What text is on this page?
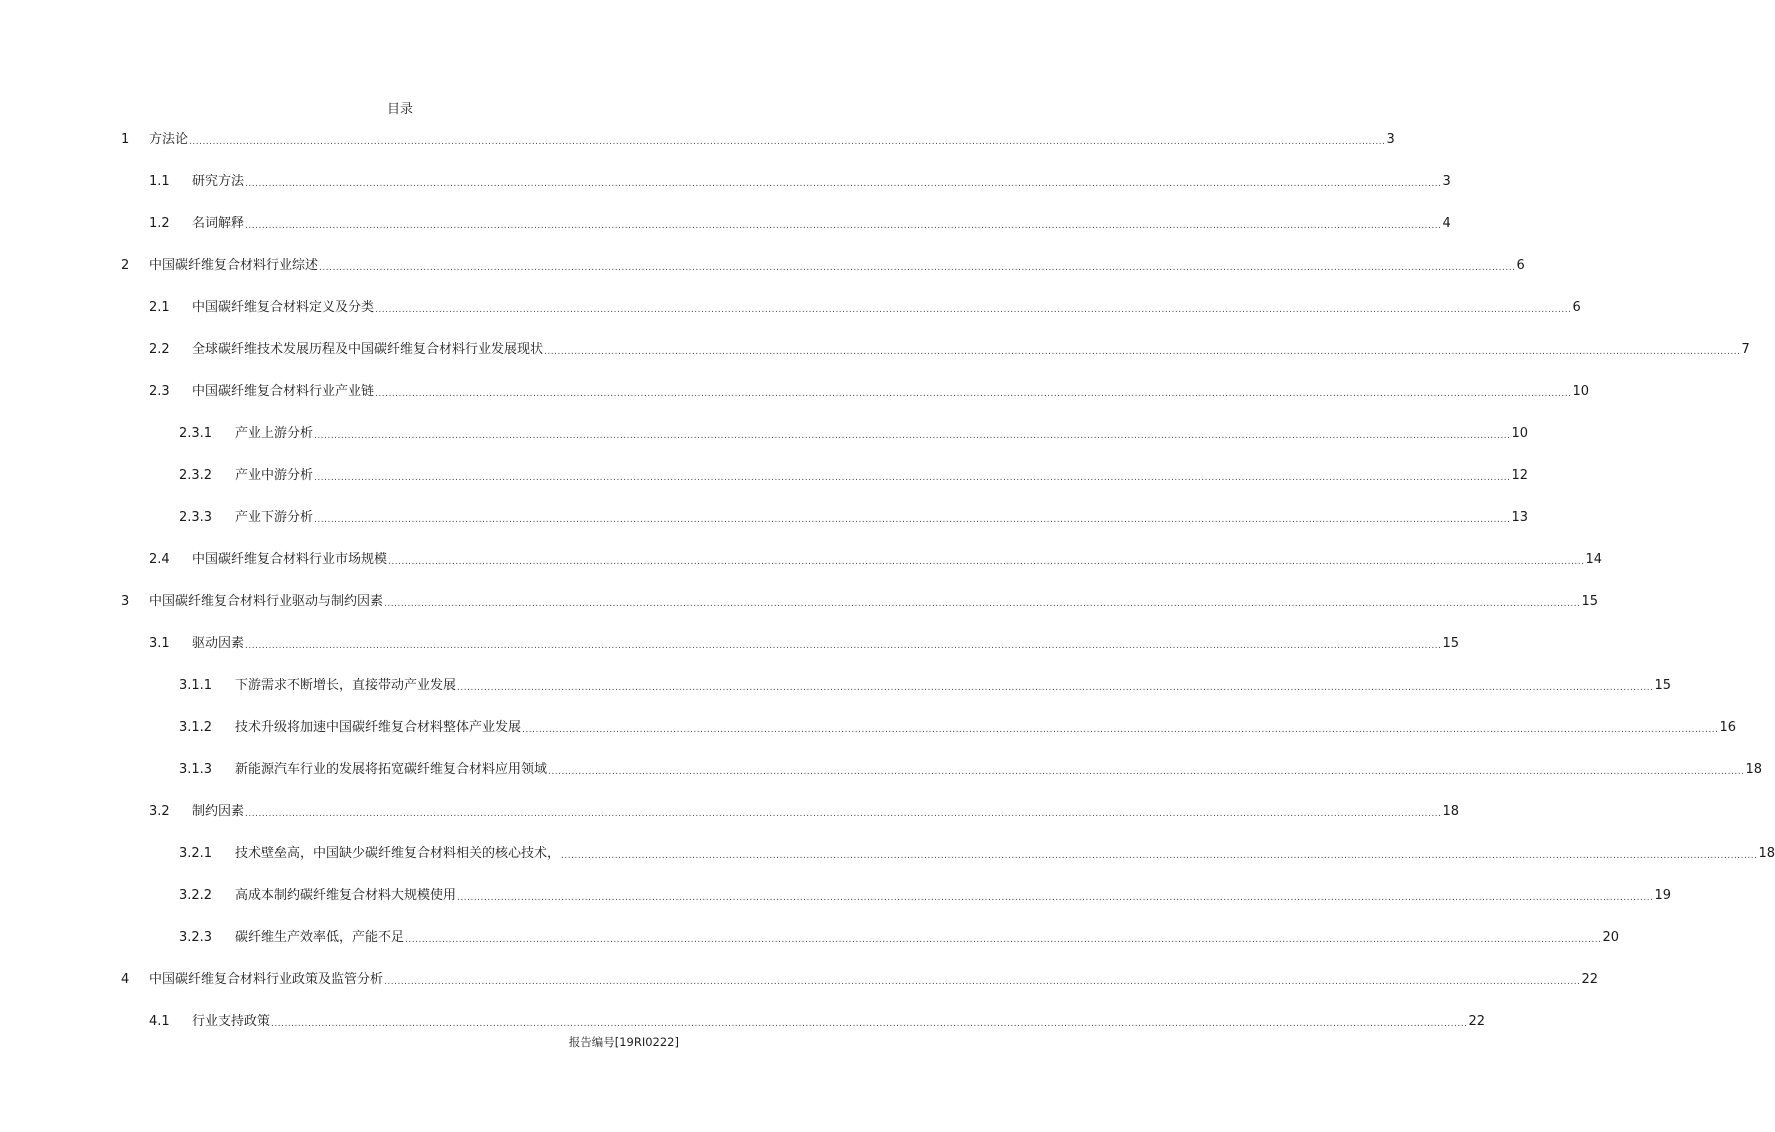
目录
1	方法论 .................................................................................................................................................................................................................................................................................................................................................................... 3
1.1	研究方法 .................................................................................................................................................................................................................................................................................................................................................................... 3
1.2	名词解释 .................................................................................................................................................................................................................................................................................................................................................................... 4
2	中国碳纤维复合材料行业综述 .................................................................................................................................................................................................................................................................................................................................................................... 6
2.1	中国碳纤维复合材料定义及分类 .................................................................................................................................................................................................................................................................................................................................................................... 6
2.2	全球碳纤维技术发展历程及中国碳纤维复合材料行业发展现状 .................................................................................................................................................................................................................................................................................................................................................................... 7
2.3	中国碳纤维复合材料行业产业链 .................................................................................................................................................................................................................................................................................................................................................................... 10
2.3.1	产业上游分析 .................................................................................................................................................................................................................................................................................................................................................................... 10
2.3.2	产业中游分析 .................................................................................................................................................................................................................................................................................................................................................................... 12
2.3.3	产业下游分析 .................................................................................................................................................................................................................................................................................................................................................................... 13
2.4	中国碳纤维复合材料行业市场规模 .................................................................................................................................................................................................................................................................................................................................................................... 14
3	中国碳纤维复合材料行业驱动与制约因素 .................................................................................................................................................................................................................................................................................................................................................................... 15
3.1	驱动因素 .................................................................................................................................................................................................................................................................................................................................................................... 15
3.1.1	下游需求不断增长，直接带动产业发展 .................................................................................................................................................................................................................................................................................................................................................................... 15
3.1.2	技术升级将加速中国碳纤维复合材料整体产业发展 .................................................................................................................................................................................................................................................................................................................................................................... 16
3.1.3	新能源汽车行业的发展将拓宽碳纤维复合材料应用领域 .................................................................................................................................................................................................................................................................................................................................................................... 18
3.2	制约因素 .................................................................................................................................................................................................................................................................................................................................................................... 18
3.2.1	技术壁垒高，中国缺少碳纤维复合材料相关的核心技术， .................................................................................................................................................................................................................................................................................................................................................................... 18
3.2.2	高成本制约碳纤维复合材料大规模使用 .................................................................................................................................................................................................................................................................................................................................................................... 19
3.2.3	碳纤维生产效率低，产能不足 .................................................................................................................................................................................................................................................................................................................................................................... 20
4	中国碳纤维复合材料行业政策及监管分析 .................................................................................................................................................................................................................................................................................................................................................................... 22
4.1	行业支持政策 .................................................................................................................................................................................................................................................................................................................................................................... 22
报告编号[19RI0222]
